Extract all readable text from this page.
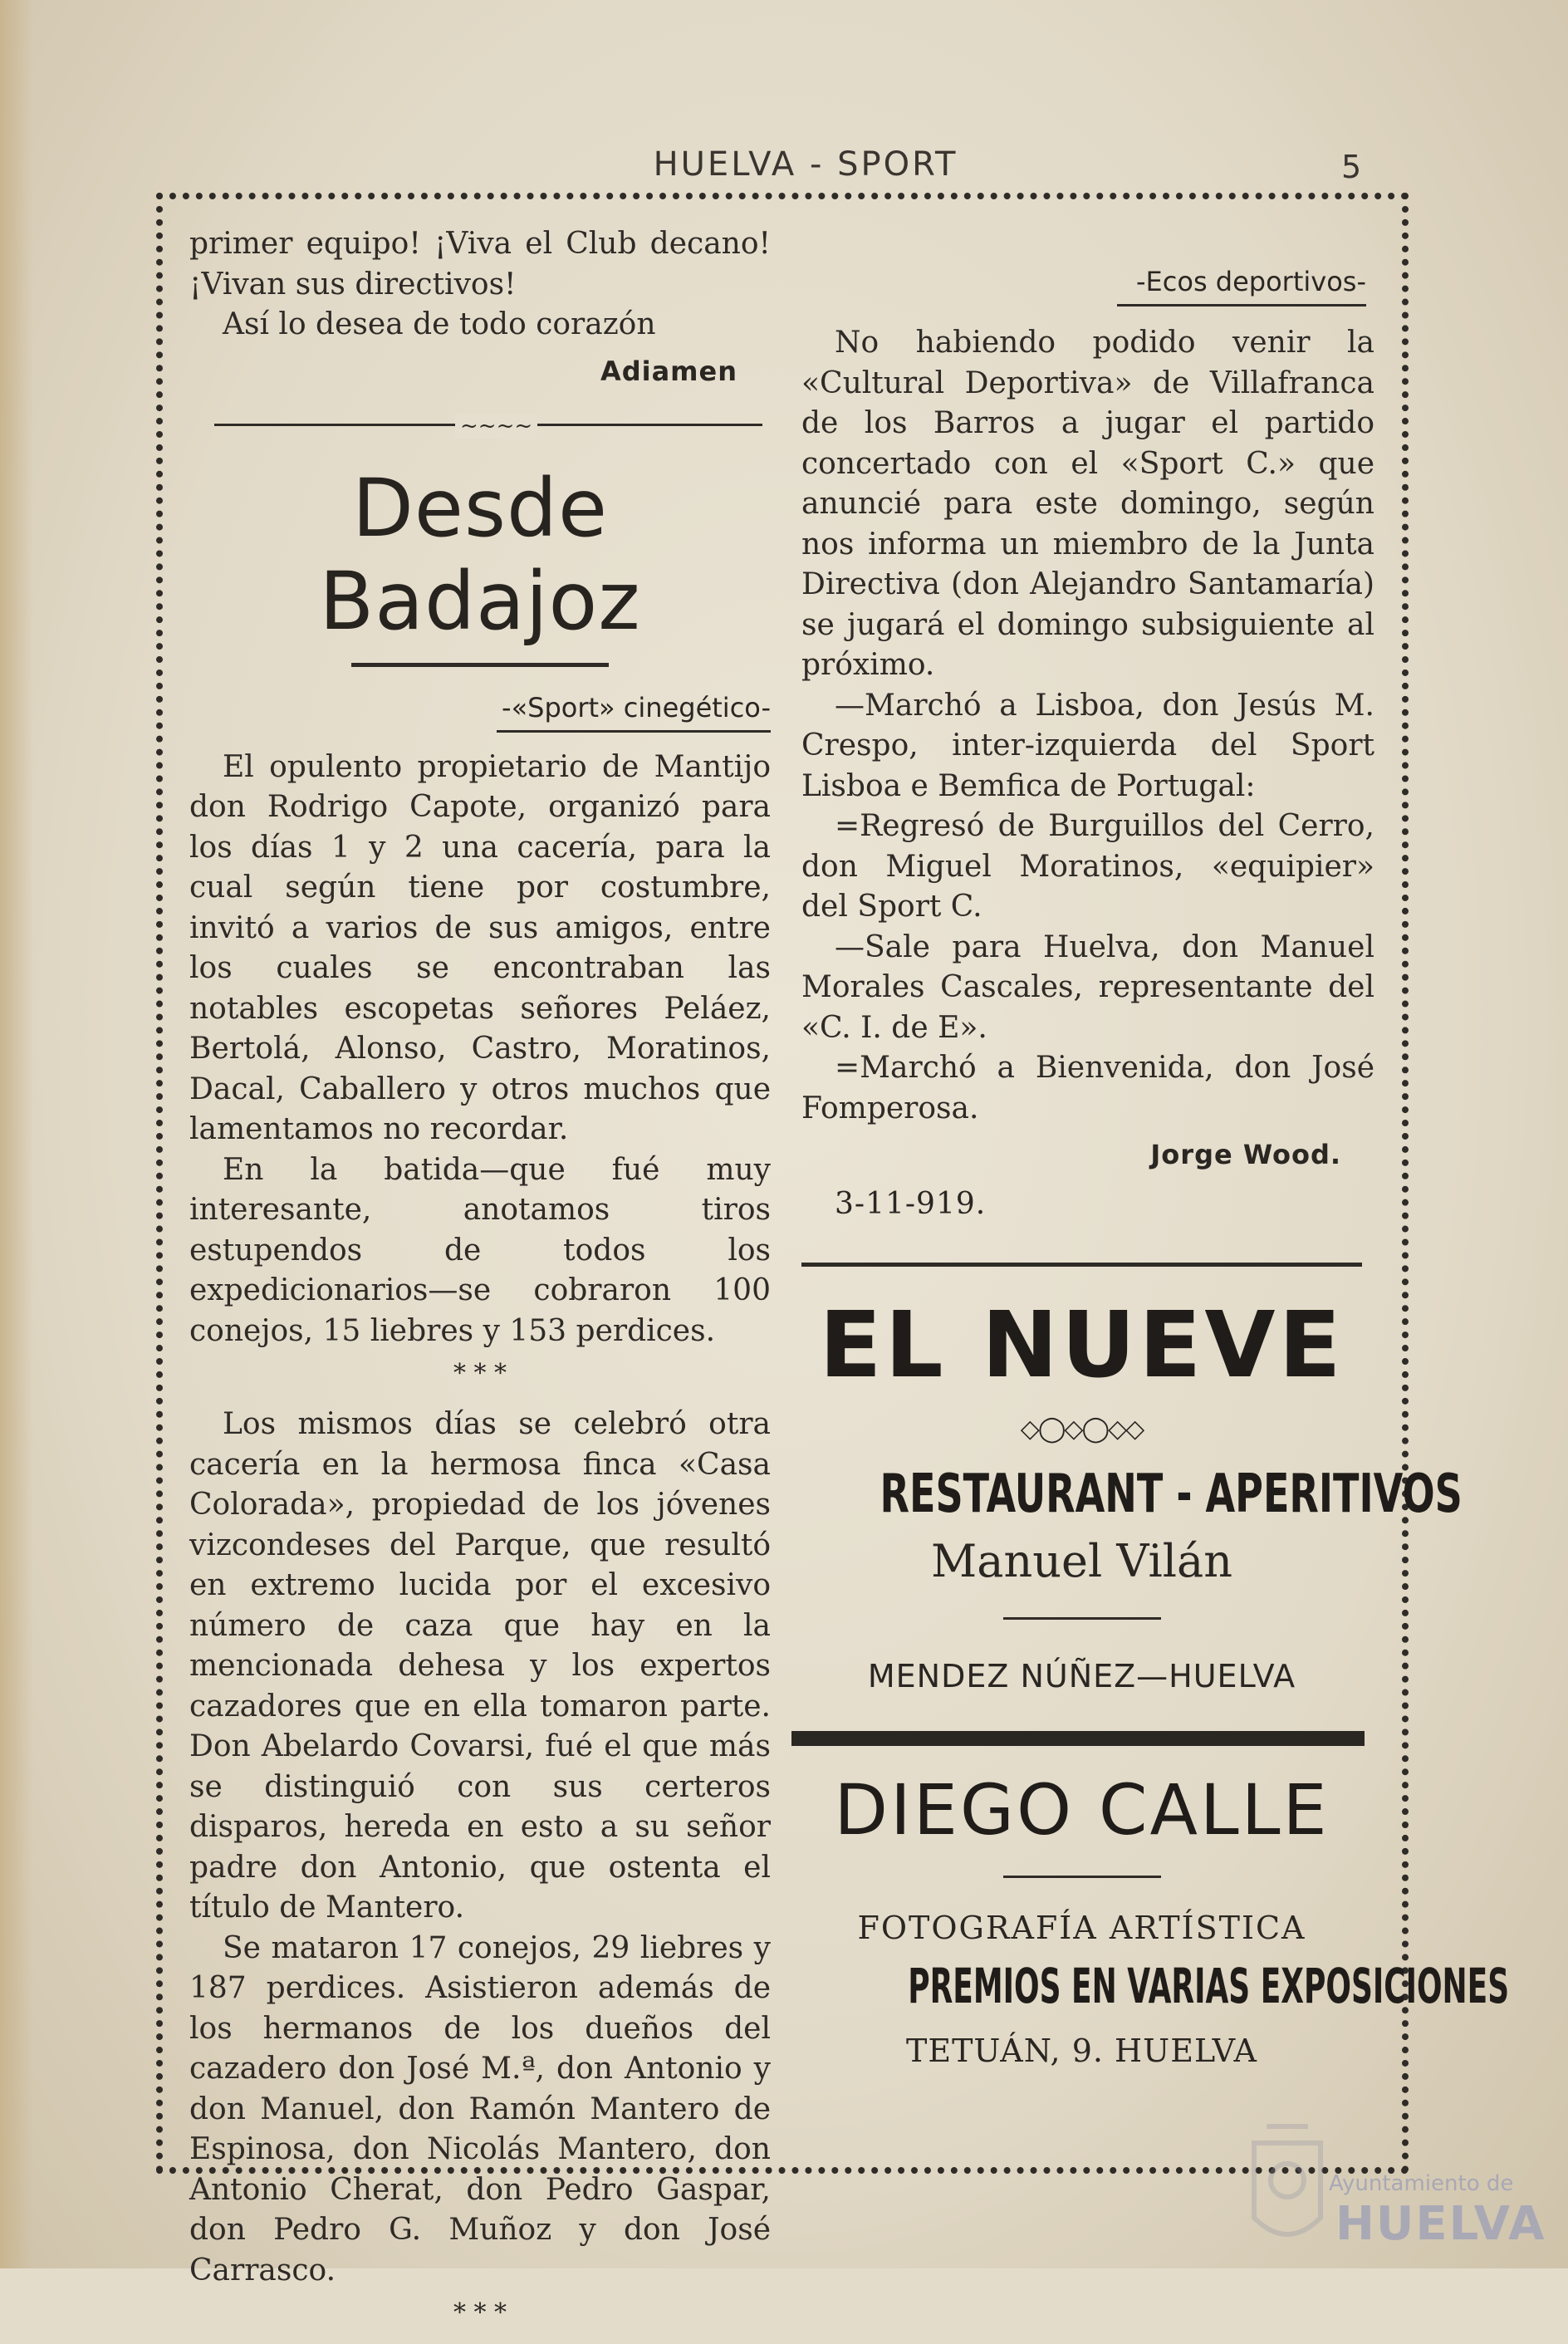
HUELVA - SPORT	5

primer equipo! ¡Viva el Club decano! ¡Vivan sus directivos!

Así lo desea de todo corazón

Adiamen
~~~~
Desde Badajoz
-«Sport» cinegético-

El opulento propietario de Mantijo don Rodrigo Capote, organizó para los días 1 y 2 una cacería, para la cual según tiene por costumbre, invitó a varios de sus amigos, entre los cuales se encontraban las notables escopetas señores Peláez, Bertolá, Alonso, Castro, Moratinos, Dacal, Caballero y otros muchos que lamentamos no recordar.

En la batida—que fué muy interesante, anotamos tiros estupendos de todos los expedicionarios—se cobraron 100 conejos, 15 liebres y 153 perdices.

* * *

Los mismos días se celebró otra cacería en la hermosa finca «Casa Colorada», propiedad de los jóvenes vizcondeses del Parque, que resultó en extremo lucida por el excesivo número de caza que hay en la mencionada dehesa y los expertos cazadores que en ella tomaron parte. Don Abelardo Covarsi, fué el que más se distinguió con sus certeros disparos, hereda en esto a su señor padre don Antonio, que ostenta el título de Mantero.

Se mataron 17 conejos, 29 liebres y 187 perdices. Asistieron además de los hermanos de los dueños del cazadero don José M.ª, don Antonio y don Manuel, don Ramón Mantero de Espinosa, don Nicolás Mantero, don Antonio Cherat, don Pedro Gaspar, don Pedro G. Muñoz y don José Carrasco.

* * *
-Ecos deportivos-

No habiendo podido venir la «Cultural Deportiva» de Villafranca de los Barros a jugar el partido concertado con el «Sport C.» que anuncié para este domingo, según nos informa un miembro de la Junta Directiva (don Alejandro Santamaría) se jugará el domingo subsiguiente al próximo.

—Marchó a Lisboa, don Jesús M. Crespo, inter-izquierda del Sport Lisboa e Bemfica de Portugal:

=Regresó de Burguillos del Cerro, don Miguel Moratinos, «equipier» del Sport C.

—Sale para Huelva, don Manuel Morales Cascales, representante del «C. I. de E».

=Marchó a Bienvenida, don José Fomperosa.

Jorge Wood.
3-11-919.
EL NUEVE
◇◯◇◯◇◇
RESTAURANT - APERITIVOS
Manuel Vilán
MENDEZ NÚÑEZ—HUELVA
DIEGO CALLE
FOTOGRAFÍA ARTÍSTICA
PREMIOS EN VARIAS EXPOSICIONES
TETUÁN, 9. HUELVA
Ayuntamiento de
HUELVA
